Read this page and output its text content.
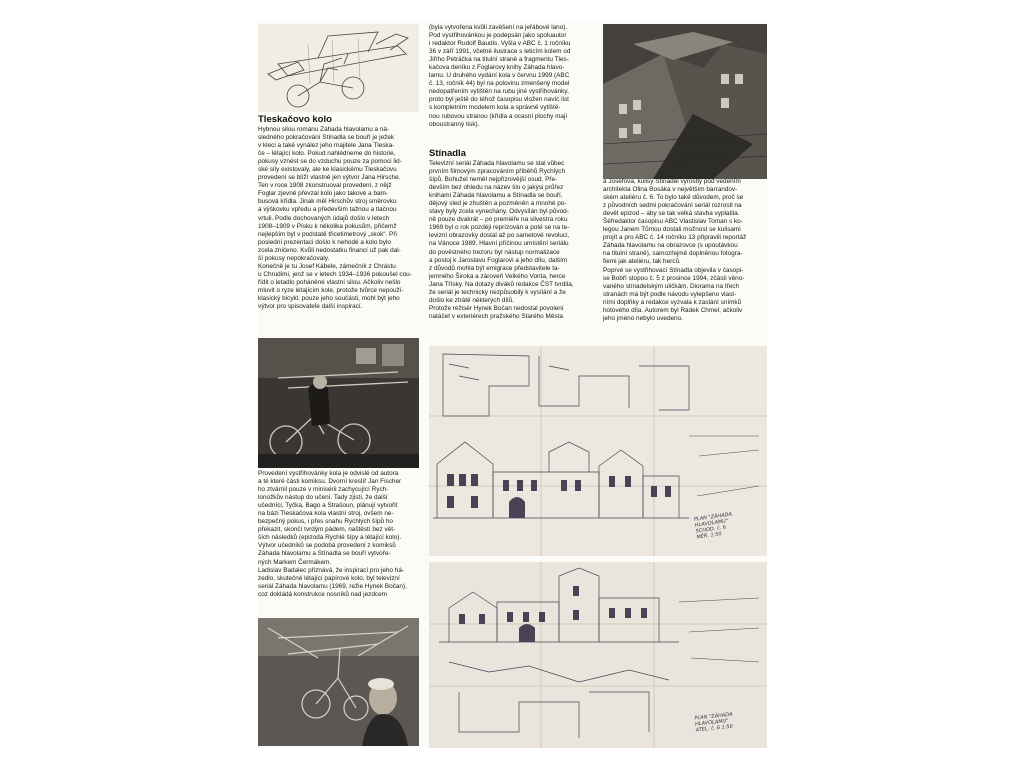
Tleskačovo kolo

Hybnou silou románu Záhada hlavolamu a ná-
sledného pokračování Stínadla se bouří je ježek
v kleci a také vynález jeho majitele Jana Tleska-
če – létající kolo. Pokud nahlédneme do historie,
pokusy vznést se do vzduchu pouze za pomoci lid-
ské síly existovaly, ale ke klasickému Tleskačovu
provedení se blíží vlastně jen výtvor Jana Hirsche.
Ten v roce 1908 zkonstruoval provedení, z nějž
Foglar zjevně převzal kolo jako takové a bam-
busová křídla. Jinak měl Hirschův stroj směrovku
a výškovku vpředu a především tažnou a tlačnou
vrtuli. Podle dochovaných údajů došlo v letech
1908–1909 v Písku k několika pokusům, přičemž
nejlepším byl v podstatě třicetimetrový „skok“. Při
poslední prezentaci došlo k nehodě a kolo bylo
zcela zničeno. Kvůli nedostatku financí už pak dal-
ší pokusy nepokračovaly.
Konečně je tu Josef Kábele, zámečník z Chrástu
u Chrudimi, jenž se v letech 1934–1936 pokoušel cou-
řídit o letadlo poháněné vlastní silou. Ačkoliv nešlo
mluvit o ryze létajícím kole, protože tvůrce nepouží-
klasický bicykl, pouze jeho součásti, mohl být jeho
výtvor pro spisovatele další inspirací.

Provedení vystřihovánky kola je odvislé od autora
a té které části komiksu. Dvorní kreslíř Jan Fischer
ho ztvárnil pouze v minisérii zachycující Rych-
lonožkův nástup do učení. Tady zjistí, že další
učedníci, Tyčka, Bago a Strašoun, plánují vytvořit
na bázi Tleskačova kola vlastní stroj, ovšem ne-
bezpečný pokus, i přes snahu Rychlých šípů ho
překazit, skončí tvrdým pádem, naštěstí bez vět-
ších následků (epizoda Rychlé šípy a létající kolo).
Výtvor učedníků se podobá provedení z komiksů
Záhada hlavolamu a Stínadla se bouří vytvoře-
ných Markem Čermákem.
Ladislav Badalec přiznává, že inspirací pro jeho há-
zedlo, skutečně létající papírové kolo, byl televizní
seriál Záhada hlavolamu (1969, režie Hynek Bočan),
coz dokládá konstrukce nosníků nad jezdcem

(byla vytvořena kvůli zavěšení na jeřábové lano).
Pod vystřihovánkou je podepsán jako spoluautor
i redaktor Rudolf Baudis. Vyšla v ABC č. 1 ročníku
36 v září 1991, včetně ilustrace s leticím kolem od
Jiřího Petráčka na titulní straně a fragmentu Tles-
kačova deníku z Foglarovy knihy Záhada hlavo-
lamu. U druhého vydání kola v červnu 1999 (ABC
č. 13, ročník 44) byl na polovinu zmenšený model
nedopatřením vytištěn na rubu jiné vystřihovánky,
proto byl ještě do téhož časopisu vložen navíc list
s kompletním modelem kola a správně vytiště-
nou rubovou stranou (křídla a ocasní plochy mají
oboustranný tisk).

Stínadla

Televizní seriál Záhada hlavolamu se stal vůbec
prvním filmovým zpracováním příběhů Rychlých
šípů. Bohužel neměl nejpříznivější osud. Pře-
devším bez ohledu na název šlo o jakýsi průřez
knihami Záhada hlavolamu a Stínadla se bouří,
dějový sled je zhuštěn a pozměněn a mnohé po-
stavy byly zcela vynechány. Odvysílán byl původ-
ně pouze dvakrát – po premiéře na silvestra roku
1969 byl o rok později reprízován a poté se na te-
levizní obrazovky dostal až po sametové revoluci,
na Vánoce 1989. Hlavní příčinou umístění seriálu
do pověstného trezoru byl nástup normalizace
a postoj k Jaroslavu Foglarovi a jeho dílu, dalším
z důvodů mohla být emigrace představitele ta-
jemného Široka a zároveň Velkého Vonta, herce
Jana Třísky. Na dotazy diváků redakce ČST tvrdila,
že seriál je technicky nezpůsobilý k vysílání a že
došlo ke ztrátě některých dílů.
Protože režisér Hynek Bočan nedostal povolení
natáčet v exteriérech pražského Starého Města

a Josefova, kulisy Stínadel vyrostly pod vedením
architekta Olina Bosáka v největším barrandov-
ském ateliéru č. 6. To bylo také důvodem, proč se
z původních sedmi pokračování seriál rozrostl na
devět epizod – aby se tak velká stavba vyplatila.
Šéfredaktor časopisu ABC Vlastislav Toman s ko-
legou Janem Tůmou dostali možnost se kulisami
projít a pro ABC č. 14 ročníku 13 připravili reportáž
Záhada hlavolamu na obrazovce (s upoutávkou
na titulní straně), samozřejmě doplněnou fotogra-
fiemi jak ateliéru, tak herců.
Poprvé se vystřihovací Stínadla objevila v časopi-
se Bobří stopou č. 5 z prosince 1994, zčásti věno-
vaného stínadelským uličkám. Diorama na třech
stranách má být podle návodu vylepšeno vlast-
ními doplňky a redakce vyzvala k zaslání snímků
hotového díla. Autorem byl Radek Chmel, ačkoliv
jeho jméno nebylo uvedeno.

PLAN "ZÁHADA
HLAVOLAMU"
SCHOD. č. 6
MĚŘ. 1:50
PLAN "ZÁHADA
HLAVOLAMU"
ATEL. č. 6 1:50
